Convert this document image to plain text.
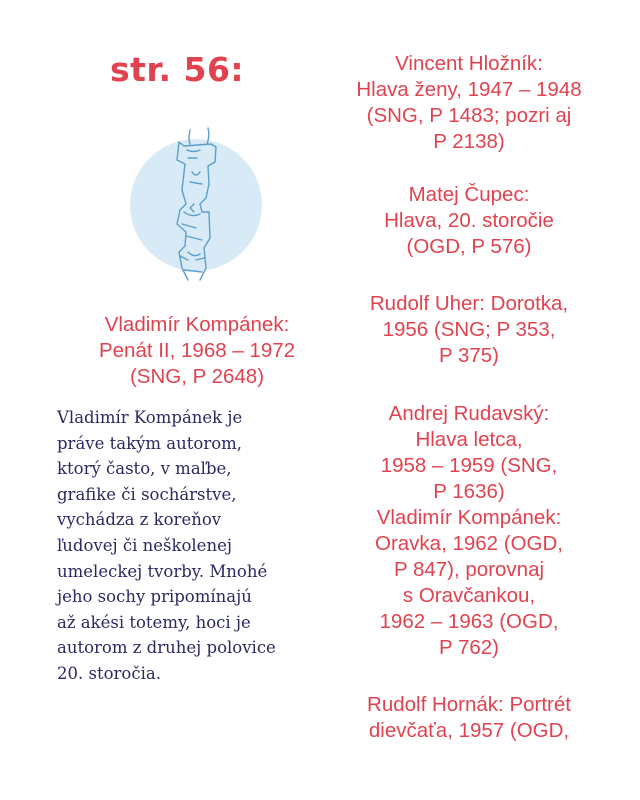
str. 56:
Vladimír Kompánek:
Penát II, 1968 – 1972
(SNG, P 2648)
Vladimír Kompánek je
práve takým autorom,
ktorý často, v maľbe,
grafike či sochárstve,
vychádza z koreňov
ľudovej či neškolenej
umeleckej tvorby. Mnohé
jeho sochy pripomínajú
až akési totemy, hoci je
autorom z druhej polovice
20. storočia.
Vincent Hložník:
Hlava ženy, 1947 – 1948
(SNG, P 1483; pozri aj
P 2138)
Matej Čupec:
Hlava, 20. storočie
(OGD, P 576)
Rudolf Uher: Dorotka,
1956 (SNG; P 353,
P 375)
Andrej Rudavský:
Hlava letca,
1958 – 1959 (SNG,
P 1636)
Vladimír Kompánek:
Oravka, 1962 (OGD,
P 847), porovnaj
s Oravčankou,
1962 – 1963 (OGD,
P 762)
Rudolf Hornák: Portrét
dievčaťa, 1957 (OGD,
